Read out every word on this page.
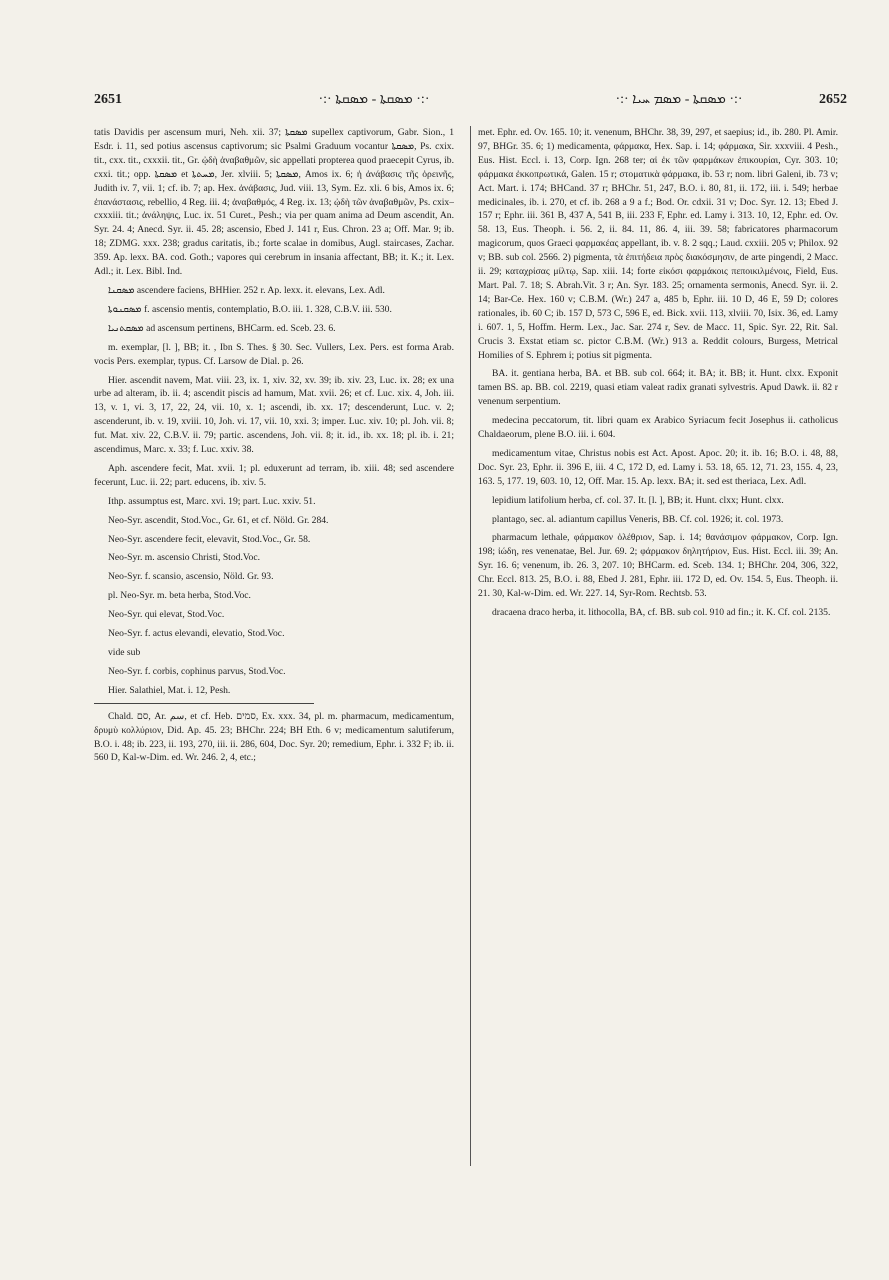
2651	·:· ܡܣܩܬܐ - ܡܣܩܬܐ ·:·	·:· ܡܣܩܬܐ - ܡܣܡ ܚܝܐ ·:·	2652

tatis Davidis per ascensum muri, Neh. xii. 37; ܡܣܩܬܐ supellex captivorum, Gabr. Sion., 1 Esdr. i. 11, sed potius ascensus captivorum; sic Psalmi Graduum vocantur ܡܣܩܬܐ, Ps. cxix. tit., cxx. tit., cxxxii. tit., Gr. ᾠδὴ ἀναβαθμῶν, sic appellati propterea quod praecepit Cyrus, ib. cxxi. tit.; opp. ܡܣܩܬܐ et ܡܚܬܬܐ, Jer. xlviii. 5; ܡܣܩܬܐ, Amos ix. 6; ἡ ἀνάβασις τῆς ὀρεινῆς, Judith iv. 7, vii. 1; cf. ib. 7; ap. Hex. ἀνάβασις, Jud. viii. 13, Sym. Ez. xli. 6 bis, Amos ix. 6; ἐπανάστασις, rebellio, 4 Reg. iii. 4; ἀναβαθμός, 4 Reg. ix. 13; ᾠδὴ τῶν ἀναβαθμῶν, Ps. cxix–cxxxiii. tit.; ἀνάληψις, Luc. ix. 51 Curet., Pesh.; via per quam anima ad Deum ascendit, An. Syr. 24. 4; Anecd. Syr. ii. 45. 28; ascensio, Ebed J. 141 r, Eus. Chron. 23 a; Off. Mar. 9; ib. 18; ZDMG. xxx. 238; gradus caritatis, ib.; forte scalae in domibus, Augl. staircases, Zachar. 359. Ap. lexx. BA. cod. Goth.; vapores qui cerebrum in insania affectant, BB; it. K.; it. Lex. Adl.; it. Lex. Bibl. Ind.

ܡܣܩܢܐ ascendere faciens, BHHier. 252 r. Ap. lexx. it. elevans, Lex. Adl.

ܡܣܩܢܘܬܐ f. ascensio mentis, contemplatio, B.O. iii. 1. 328, C.B.V. iii. 530.

ܡܣܩܬܢܝܐ ad ascensum pertinens, BHCarm. ed. Sceb. 23. 6.

m. exemplar, [l. ], BB; it. , Ibn S. Thes. § 30. Sec. Vullers, Lex. Pers. est forma Arab. vocis Pers. exemplar, typus. Cf. Larsow de Dial. p. 26.

Hier. ascendit navem, Mat. viii. 23, ix. 1, xiv. 32, xv. 39; ib. xiv. 23, Luc. ix. 28; ex una urbe ad alteram, ib. ii. 4; ascendit piscis ad hamum, Mat. xvii. 26; et cf. Luc. xix. 4, Joh. iii. 13, v. 1, vi. 3, 17, 22, 24, vii. 10, x. 1; ascendi, ib. xx. 17; descenderunt, Luc. v. 2; ascenderunt, ib. v. 19, xviii. 10, Joh. vi. 17, vii. 10, xxi. 3; imper. Luc. xiv. 10; pl. Joh. vii. 8; fut. Mat. xiv. 22, C.B.V. ii. 79; partic. ascendens, Joh. vii. 8; it. id., ib. xx. 18; pl. ib. i. 21; ascendimus, Marc. x. 33; f. Luc. xxiv. 38.

Aph. ascendere fecit, Mat. xvii. 1; pl. eduxerunt ad terram, ib. xiii. 48; sed ascendere fecerunt, Luc. ii. 22; part. educens, ib. xiv. 5.

Ithp. assumptus est, Marc. xvi. 19; part. Luc. xxiv. 51.

Neo-Syr. ascendit, Stod.Voc., Gr. 61, et cf. Nöld. Gr. 284.

Neo-Syr. ascendere fecit, elevavit, Stod.Voc., Gr. 58.

Neo-Syr. m. ascensio Christi, Stod.Voc.

Neo-Syr. f. scansio, ascensio, Nöld. Gr. 93.

pl. Neo-Syr. m. beta herba, Stod.Voc.

Neo-Syr. qui elevat, Stod.Voc.

Neo-Syr. f. actus elevandi, elevatio, Stod.Voc.

vide sub

Neo-Syr. f. corbis, cophinus parvus, Stod.Voc.

Hier. Salathiel, Mat. i. 12, Pesh.

Chald. סם, Ar. سم, et cf. Heb. סמים, Ex. xxx. 34, pl. m. pharmacum, medicamentum, δρυμὺ κολλύριον, Did. Ap. 45. 23; BHChr. 224; BH Eth. 6 v; medicamentum salutiferum, B.O. i. 48; ib. 223, ii. 193, 270, iii. ii. 286, 604, Doc. Syr. 20; remedium, Ephr. i. 332 F; ib. ii. 560 D, Kal-w-Dim. ed. Wr. 246. 2, 4, etc.;

met. Ephr. ed. Ov. 165. 10; it. venenum, BHChr. 38, 39, 297, et saepius; id., ib. 280. Pl. Amir. 97, BHGr. 35. 6; 1) medicamenta, φάρμακα, Hex. Sap. i. 14; φάρμακα, Sir. xxxviii. 4 Pesh., Eus. Hist. Eccl. i. 13, Corp. Ign. 268 ter; αἱ ἐκ τῶν φαρμάκων ἐπικουρίαι, Cyr. 303. 10; φάρμακα ἐκκοπρωτικά, Galen. 15 r; στοματικὰ φάρμακα, ib. 53 r; nom. libri Galeni, ib. 73 v; Act. Mart. i. 174; BHCand. 37 r; BHChr. 51, 247, B.O. i. 80, 81, ii. 172, iii. i. 549; herbae medicinales, ib. i. 270, et cf. ib. 268 a 9 a f.; Bod. Or. cdxii. 31 v; Doc. Syr. 12. 13; Ebed J. 157 r; Ephr. iii. 361 B, 437 A, 541 B, iii. 233 F, Ephr. ed. Lamy i. 313. 10, 12, Ephr. ed. Ov. 58. 13, Eus. Theoph. i. 56. 2, ii. 84. 11, 86. 4, iii. 39. 58; fabricatores pharmacorum magicorum, quos Graeci φαρμακέας appellant, ib. v. 8. 2 sqq.; Laud. cxxiii. 205 v; Philox. 92 v; BB. sub col. 2566. 2) pigmenta, τὰ ἐπιτήδεια πρὸς διακόσμησιν, de arte pingendi, 2 Macc. ii. 29; καταχρίσας μίλτῳ, Sap. xiii. 14; forte εἰκόσι φαρμάκοις πεποικιλμένοις, Field, Eus. Mart. Pal. 7. 18; S. Abrah.Vit. 3 r; An. Syr. 183. 25; ornamenta sermonis, Anecd. Syr. ii. 2. 14; Bar-Ce. Hex. 160 v; C.B.M. (Wr.) 247 a, 485 b, Ephr. iii. 10 D, 46 E, 59 D; colores rationales, ib. 60 C; ib. 157 D, 573 C, 596 E, ed. Bick. xvii. 113, xlviii. 70, Isix. 36, ed. Lamy i. 607. 1, 5, Hoffm. Herm. Lex., Jac. Sar. 274 r, Sev. de Macc. 11, Spic. Syr. 22, Rit. Sal. Crucis 3. Exstat etiam sc. pictor C.B.M. (Wr.) 913 a. Reddit colours, Burgess, Metrical Homilies of S. Ephrem i; potius sit pigmenta.

BA. it. gentiana herba, BA. et BB. sub col. 664; it. BA; it. BB; it. Hunt. clxx. Exponit tamen BS. ap. BB. col. 2219, quasi etiam valeat radix granati sylvestris. Apud Dawk. ii. 82 r venenum serpentium.

medecina peccatorum, tit. libri quam ex Arabico Syriacum fecit Josephus ii. catholicus Chaldaeorum, plene B.O. iii. i. 604.

medicamentum vitae, Christus nobis est Act. Apost. Apoc. 20; it. ib. 16; B.O. i. 48, 88, Doc. Syr. 23, Ephr. ii. 396 E, iii. 4 C, 172 D, ed. Lamy i. 53. 18, 65. 12, 71. 23, 155. 4, 23, 163. 5, 177. 19, 603. 10, 12, Off. Mar. 15. Ap. lexx. BA; it. sed est theriaca, Lex. Adl.

lepidium latifolium herba, cf. col. 37. It. [l. ], BB; it. Hunt. clxx; Hunt. clxx.

plantago, sec. al. adiantum capillus Veneris, BB. Cf. col. 1926; it. col. 1973.

pharmacum lethale, φάρμακον ὀλέθριον, Sap. i. 14; θανάσιμον φάρμακον, Corp. Ign. 198; ἰώδη, res venenatae, Bel. Jur. 69. 2; φάρμακον δηλητήριον, Eus. Hist. Eccl. iii. 39; An. Syr. 16. 6; venenum, ib. 26. 3, 207. 10; BHCarm. ed. Sceb. 134. 1; BHChr. 204, 306, 322, Chr. Eccl. 813. 25, B.O. i. 88, Ebed J. 281, Ephr. iii. 172 D, ed. Ov. 154. 5, Eus. Theoph. ii. 21. 30, Kal-w-Dim. ed. Wr. 227. 14, Syr-Rom. Rechtsb. 53.

dracaena draco herba, it. lithocolla, BA, cf. BB. sub col. 910 ad fin.; it. K. Cf. col. 2135.
